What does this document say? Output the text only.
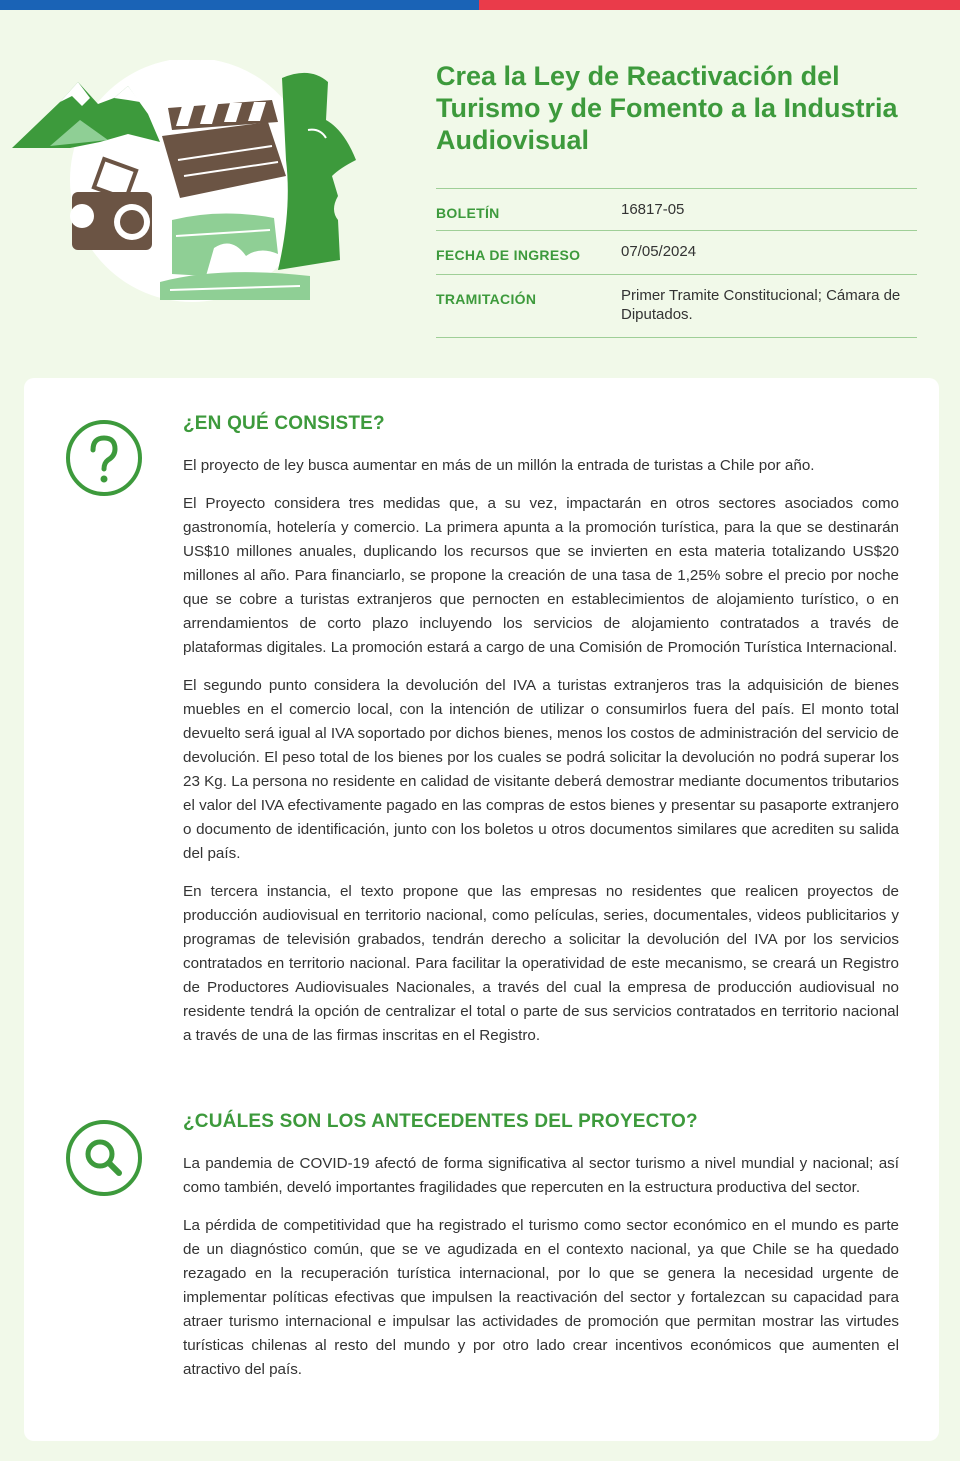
Crea la Ley de Reactivación del Turismo y de Fomento a la Industria Audiovisual
BOLETÍN	16817-05
FECHA DE INGRESO	07/05/2024
TRAMITACIÓN	Primer Tramite Constitucional; Cámara de Diputados.
¿EN QUÉ CONSISTE?

El proyecto de ley busca aumentar en más de un millón la entrada de turistas a Chile por año.

El Proyecto considera tres medidas que, a su vez, impactarán en otros sectores asociados como gastronomía, hotelería y comercio. La primera apunta a la promoción turística, para la que se destinarán US$10 millones anuales, duplicando los recursos que se invierten en esta materia totalizando US$20 millones al año. Para financiarlo, se propone la creación de una tasa de 1,25% sobre el precio por noche que se cobre a turistas extranjeros que pernocten en establecimientos de alojamiento turístico, o en arrendamientos de corto plazo incluyendo los servicios de alojamiento contratados a través de plataformas digitales. La promoción estará a cargo de una Comisión de Promoción Turística Internacional.

El segundo punto considera la devolución del IVA a turistas extranjeros tras la adquisición de bienes muebles en el comercio local, con la intención de utilizar o consumirlos fuera del país. El monto total devuelto será igual al IVA soportado por dichos bienes, menos los costos de administración del servicio de devolución. El peso total de los bienes por los cuales se podrá solicitar la devolución no podrá superar los 23 Kg. La persona no residente en calidad de visitante deberá demostrar mediante documentos tributarios el valor del IVA efectivamente pagado en las compras de estos bienes y presentar su pasaporte extranjero o documento de identificación, junto con los boletos u otros documentos similares que acrediten su salida del país.

En tercera instancia, el texto propone que las empresas no residentes que realicen proyectos de producción audiovisual en territorio nacional, como películas, series, documentales, videos publicitarios y programas de televisión grabados, tendrán derecho a solicitar la devolución del IVA por los servicios contratados en territorio nacional. Para facilitar la operatividad de este mecanismo, se creará un Registro de Productores Audiovisuales Nacionales, a través del cual la empresa de producción audiovisual no residente tendrá la opción de centralizar el total o parte de sus servicios contratados en territorio nacional a través de una de las firmas inscritas en el Registro.

¿CUÁLES SON LOS ANTECEDENTES DEL PROYECTO?

La pandemia de COVID-19 afectó de forma significativa al sector turismo a nivel mundial y nacional; así como también, develó importantes fragilidades que repercuten en la estructura productiva del sector.

La pérdida de competitividad que ha registrado el turismo como sector económico en el mundo es parte de un diagnóstico común, que se ve agudizada en el contexto nacional, ya que Chile se ha quedado rezagado en la recuperación turística internacional, por lo que se genera la necesidad urgente de implementar políticas efectivas que impulsen la reactivación del sector y fortalezcan su capacidad para atraer turismo internacional e impulsar las actividades de promoción que permitan mostrar las virtudes turísticas chilenas al resto del mundo y por otro lado crear incentivos económicos que aumenten el atractivo del país.
